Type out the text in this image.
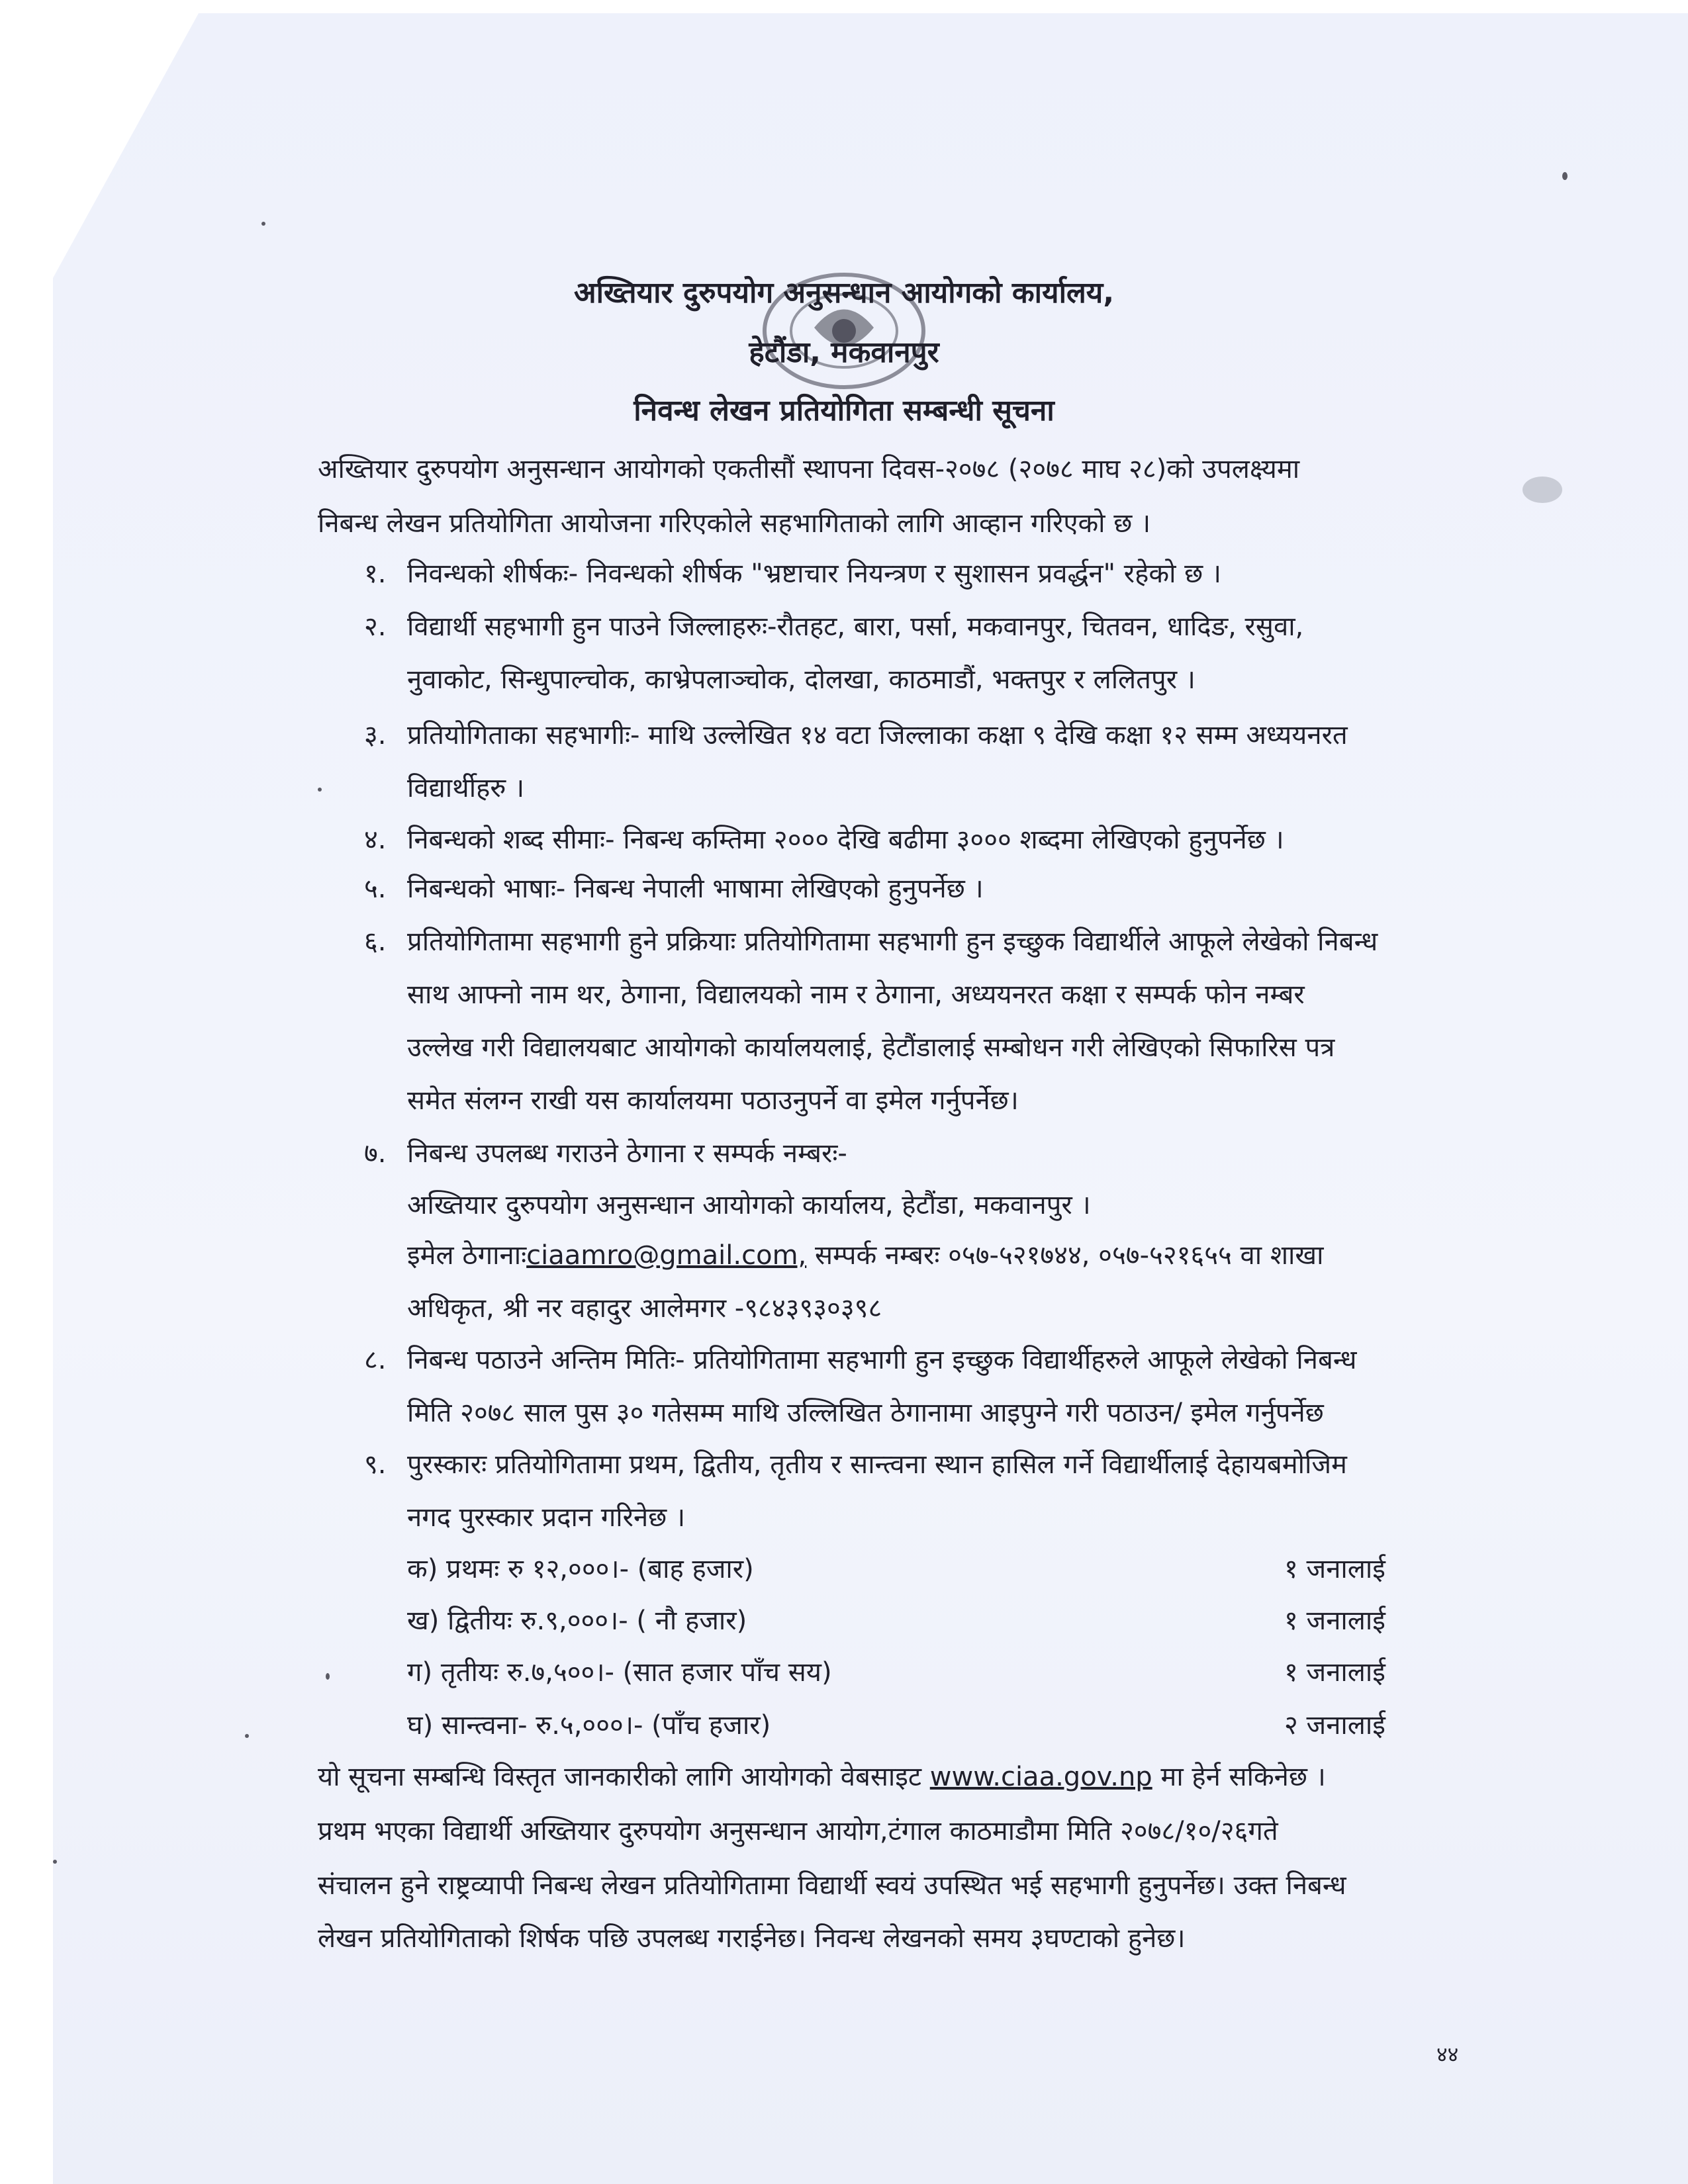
अख्तियार दुरुपयोग अनुसन्धान आयोगको कार्यालय,
हेटौंडा, मकवानपुर
निवन्ध लेखन प्रतियोगिता सम्बन्धी सूचना
अख्तियार दुरुपयोग अनुसन्धान आयोगको एकतीसौं स्थापना दिवस-२०७८ (२०७८ माघ २८)को उपलक्ष्यमा
निबन्ध लेखन प्रतियोगिता आयोजना गरिएकोले सहभागिताको लागि आव्हान गरिएको छ ।
१. निवन्धको शीर्षकः- निवन्धको शीर्षक "भ्रष्टाचार नियन्त्रण र सुशासन प्रवर्द्धन" रहेको छ ।
२. विद्यार्थी सहभागी हुन पाउने जिल्लाहरुः-रौतहट, बारा, पर्सा, मकवानपुर, चितवन, धादिङ, रसुवा,
नुवाकोट, सिन्धुपाल्चोक, काभ्रेपलाञ्चोक, दोलखा, काठमाडौं, भक्तपुर र ललितपुर ।
३. प्रतियोगिताका सहभागीः- माथि उल्लेखित १४ वटा जिल्लाका कक्षा ९ देखि कक्षा १२ सम्म अध्ययनरत
विद्यार्थीहरु ।
४. निबन्धको शब्द सीमाः- निबन्ध कम्तिमा २००० देखि बढीमा ३००० शब्दमा लेखिएको हुनुपर्नेछ ।
५. निबन्धको भाषाः- निबन्ध नेपाली भाषामा लेखिएको हुनुपर्नेछ ।
६. प्रतियोगितामा सहभागी हुने प्रक्रियाः प्रतियोगितामा सहभागी हुन इच्छुक विद्यार्थीले आफूले लेखेको निबन्ध
साथ आफ्नो नाम थर, ठेगाना, विद्यालयको नाम र ठेगाना, अध्ययनरत कक्षा र सम्पर्क फोन नम्बर
उल्लेख गरी विद्यालयबाट आयोगको कार्यालयलाई, हेटौंडालाई सम्बोधन गरी लेखिएको सिफारिस पत्र
समेत संलग्न राखी यस कार्यालयमा पठाउनुपर्ने वा इमेल गर्नुपर्नेछ।
७. निबन्ध उपलब्ध गराउने ठेगाना र सम्पर्क नम्बरः-
अख्तियार दुरुपयोग अनुसन्धान आयोगको कार्यालय, हेटौंडा, मकवानपुर ।
इमेल ठेगानाःciaamro@gmail.com, सम्पर्क नम्बरः ०५७-५२१७४४, ०५७-५२१६५५ वा शाखा
अधिकृत, श्री नर वहादुर आलेमगर -९८४३९३०३९८
८. निबन्ध पठाउने अन्तिम मितिः- प्रतियोगितामा सहभागी हुन इच्छुक विद्यार्थीहरुले आफूले लेखेको निबन्ध
मिति २०७८ साल पुस ३० गतेसम्म माथि उल्लिखित ठेगानामा आइपुग्ने गरी पठाउन/ इमेल गर्नुपर्नेछ
९. पुरस्कारः प्रतियोगितामा प्रथम, द्वितीय, तृतीय र सान्त्वना स्थान हासिल गर्ने विद्यार्थीलाई देहायबमोजिम
नगद पुरस्कार प्रदान गरिनेछ ।
क) प्रथमः रु १२,०००।- (बाह हजार)	१ जनालाई
ख) द्वितीयः रु.९,०००।- ( नौ हजार)	१ जनालाई
ग) तृतीयः रु.७,५००।- (सात हजार पाँच सय)	१ जनालाई
घ) सान्त्वना- रु.५,०००।- (पाँच हजार)	२ जनालाई
यो सूचना सम्बन्धि विस्तृत जानकारीको लागि आयोगको वेबसाइट www.ciaa.gov.np मा हेर्न सकिनेछ ।
प्रथम भएका विद्यार्थी अख्तियार दुरुपयोग अनुसन्धान आयोग,टंगाल काठमाडौमा मिति २०७८/१०/२६गते
संचालन हुने राष्ट्रव्यापी निबन्ध लेखन प्रतियोगितामा विद्यार्थी स्वयं उपस्थित भई सहभागी हुनुपर्नेछ। उक्त निबन्ध
लेखन प्रतियोगिताको शिर्षक पछि उपलब्ध गराईनेछ। निवन्ध लेखनको समय ३घण्टाको हुनेछ।
४४
